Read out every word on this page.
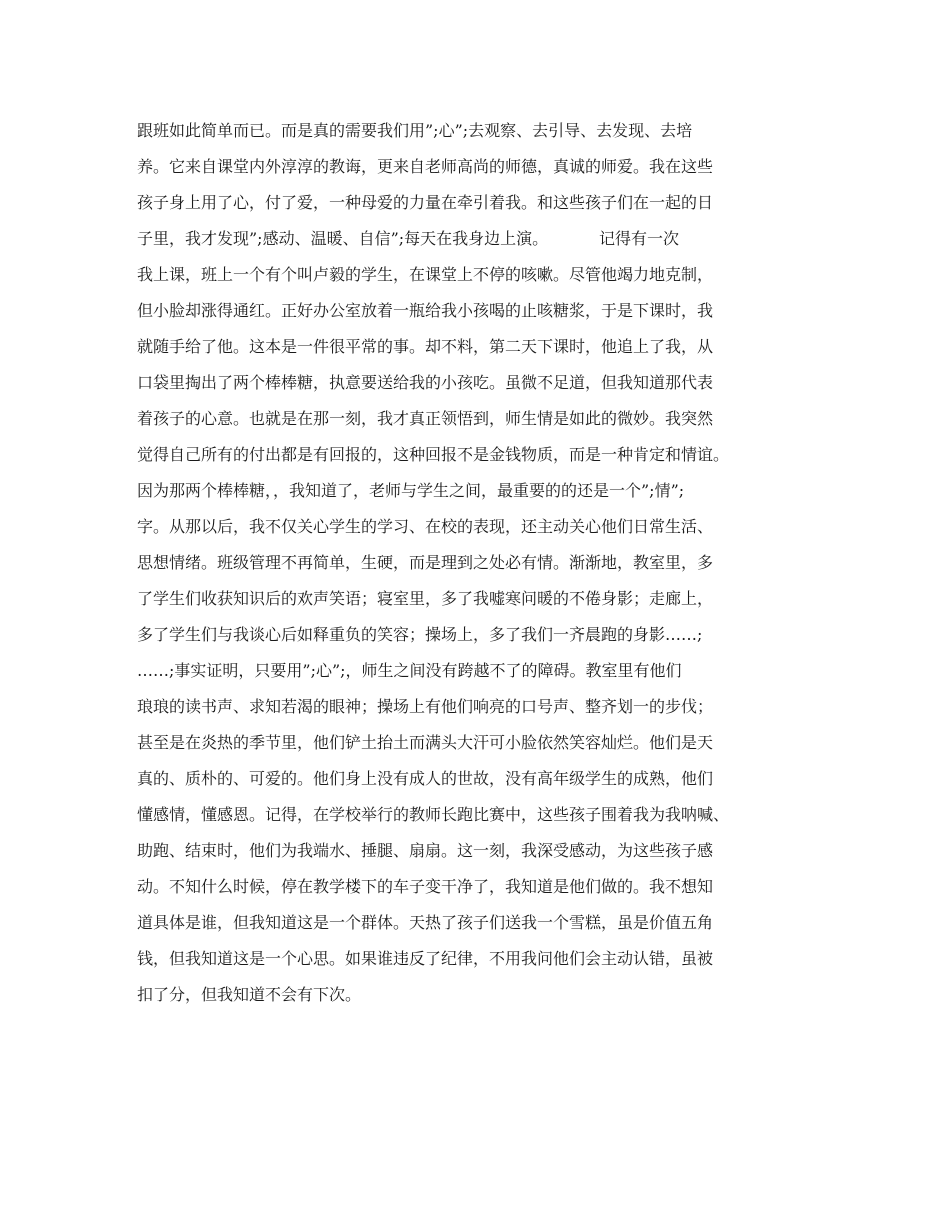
跟班如此简单而已。而是真的需要我们用”;心”;去观察、去引导、去发现、去培
养。它来自课堂内外淳淳的教诲，更来自老师高尚的师德，真诚的师爱。我在这些
孩子身上用了心，付了爱，一种母爱的力量在牵引着我。和这些孩子们在一起的日
子里，我才发现”;感动、温暖、自信”;每天在我身边上演。          记得有一次
我上课，班上一个有个叫卢毅的学生，在课堂上不停的咳嗽。尽管他竭力地克制，
但小脸却涨得通红。正好办公室放着一瓶给我小孩喝的止咳糖浆，于是下课时，我
就随手给了他。这本是一件很平常的事。却不料，第二天下课时，他追上了我，从
口袋里掏出了两个棒棒糖，执意要送给我的小孩吃。虽微不足道，但我知道那代表
着孩子的心意。也就是在那一刻，我才真正领悟到，师生情是如此的微妙。我突然
觉得自己所有的付出都是有回报的，这种回报不是金钱物质，而是一种肯定和情谊。
因为那两个棒棒糖，，我知道了，老师与学生之间，最重要的的还是一个”;情”;
字。从那以后，我不仅关心学生的学习、在校的表现，还主动关心他们日常生活、
思想情绪。班级管理不再简单，生硬，而是理到之处必有情。渐渐地，教室里，多
了学生们收获知识后的欢声笑语；寝室里，多了我嘘寒问暖的不倦身影；走廊上，
多了学生们与我谈心后如释重负的笑容；操场上，多了我们一齐晨跑的身影……;
……;事实证明，只要用”;心”;，师生之间没有跨越不了的障碍。教室里有他们
琅琅的读书声、求知若渴的眼神；操场上有他们响亮的口号声、整齐划一的步伐；
甚至是在炎热的季节里，他们铲土抬土而满头大汗可小脸依然笑容灿烂。他们是天
真的、质朴的、可爱的。他们身上没有成人的世故，没有高年级学生的成熟，他们
懂感情，懂感恩。记得，在学校举行的教师长跑比赛中，这些孩子围着我为我呐喊、
助跑、结束时，他们为我端水、捶腿、扇扇。这一刻，我深受感动，为这些孩子感
动。不知什么时候，停在教学楼下的车子变干净了，我知道是他们做的。我不想知
道具体是谁，但我知道这是一个群体。天热了孩子们送我一个雪糕，虽是价值五角
钱，但我知道这是一个心思。如果谁违反了纪律，不用我问他们会主动认错，虽被
扣了分，但我知道不会有下次。
